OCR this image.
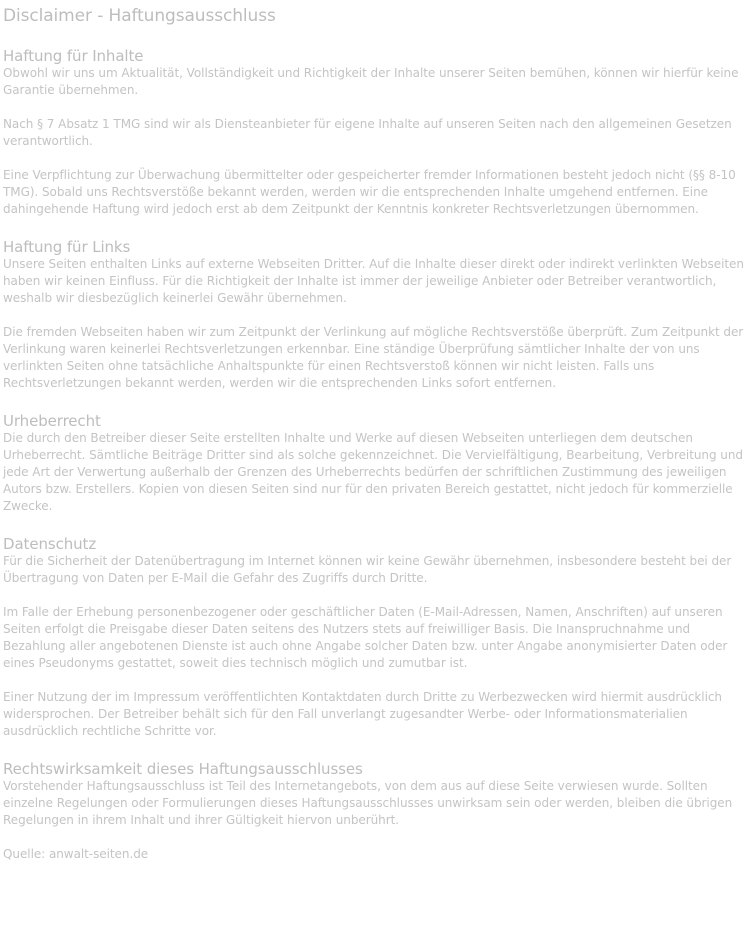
Disclaimer - Haftungsausschluss
Haftung für Inhalte

Obwohl wir uns um Aktualität, Vollständigkeit und Richtigkeit der Inhalte unserer Seiten bemühen, können wir hierfür keine Garantie übernehmen.

Nach § 7 Absatz 1 TMG sind wir als Diensteanbieter für eigene Inhalte auf unseren Seiten nach den allgemeinen Gesetzen verantwortlich.

Eine Verpflichtung zur Überwachung übermittelter oder gespeicherter fremder Informationen besteht jedoch nicht (§§ 8-10 TMG). Sobald uns Rechtsverstöße bekannt werden, werden wir die entsprechenden Inhalte umgehend entfernen. Eine dahingehende Haftung wird jedoch erst ab dem Zeitpunkt der Kenntnis konkreter Rechtsverletzungen übernommen.

Haftung für Links

Unsere Seiten enthalten Links auf externe Webseiten Dritter. Auf die Inhalte dieser direkt oder indirekt verlinkten Webseiten haben wir keinen Einfluss. Für die Richtigkeit der Inhalte ist immer der jeweilige Anbieter oder Betreiber verantwortlich, weshalb wir diesbezüglich keinerlei Gewähr übernehmen.

Die fremden Webseiten haben wir zum Zeitpunkt der Verlinkung auf mögliche Rechtsverstöße überprüft. Zum Zeitpunkt der Verlinkung waren keinerlei Rechtsverletzungen erkennbar. Eine ständige Überprüfung sämtlicher Inhalte der von uns verlinkten Seiten ohne tatsächliche Anhaltspunkte für einen Rechtsverstoß können wir nicht leisten. Falls uns Rechtsverletzungen bekannt werden, werden wir die entsprechenden Links sofort entfernen.

Urheberrecht

Die durch den Betreiber dieser Seite erstellten Inhalte und Werke auf diesen Webseiten unterliegen dem deutschen Urheberrecht. Sämtliche Beiträge Dritter sind als solche gekennzeichnet. Die Vervielfältigung, Bearbeitung, Verbreitung und jede Art der Verwertung außerhalb der Grenzen des Urheberrechts bedürfen der schriftlichen Zustimmung des jeweiligen Autors bzw. Erstellers. Kopien von diesen Seiten sind nur für den privaten Bereich gestattet, nicht jedoch für kommerzielle Zwecke.

Datenschutz

Für die Sicherheit der Datenübertragung im Internet können wir keine Gewähr übernehmen, insbesondere besteht bei der Übertragung von Daten per E-Mail die Gefahr des Zugriffs durch Dritte.

Im Falle der Erhebung personenbezogener oder geschäftlicher Daten (E-Mail-Adressen, Namen, Anschriften) auf unseren Seiten erfolgt die Preisgabe dieser Daten seitens des Nutzers stets auf freiwilliger Basis. Die Inanspruchnahme und Bezahlung aller angebotenen Dienste ist auch ohne Angabe solcher Daten bzw. unter Angabe anonymisierter Daten oder eines Pseudonyms gestattet, soweit dies technisch möglich und zumutbar ist.

Einer Nutzung der im Impressum veröffentlichten Kontaktdaten durch Dritte zu Werbezwecken wird hiermit ausdrücklich widersprochen. Der Betreiber behält sich für den Fall unverlangt zugesandter Werbe- oder Informationsmaterialien ausdrücklich rechtliche Schritte vor.

Rechtswirksamkeit dieses Haftungsausschlusses

Vorstehender Haftungsausschluss ist Teil des Internetangebots, von dem aus auf diese Seite verwiesen wurde. Sollten einzelne Regelungen oder Formulierungen dieses Haftungsausschlusses unwirksam sein oder werden, bleiben die übrigen Regelungen in ihrem Inhalt und ihrer Gültigkeit hiervon unberührt.

Quelle: anwalt-seiten.de
